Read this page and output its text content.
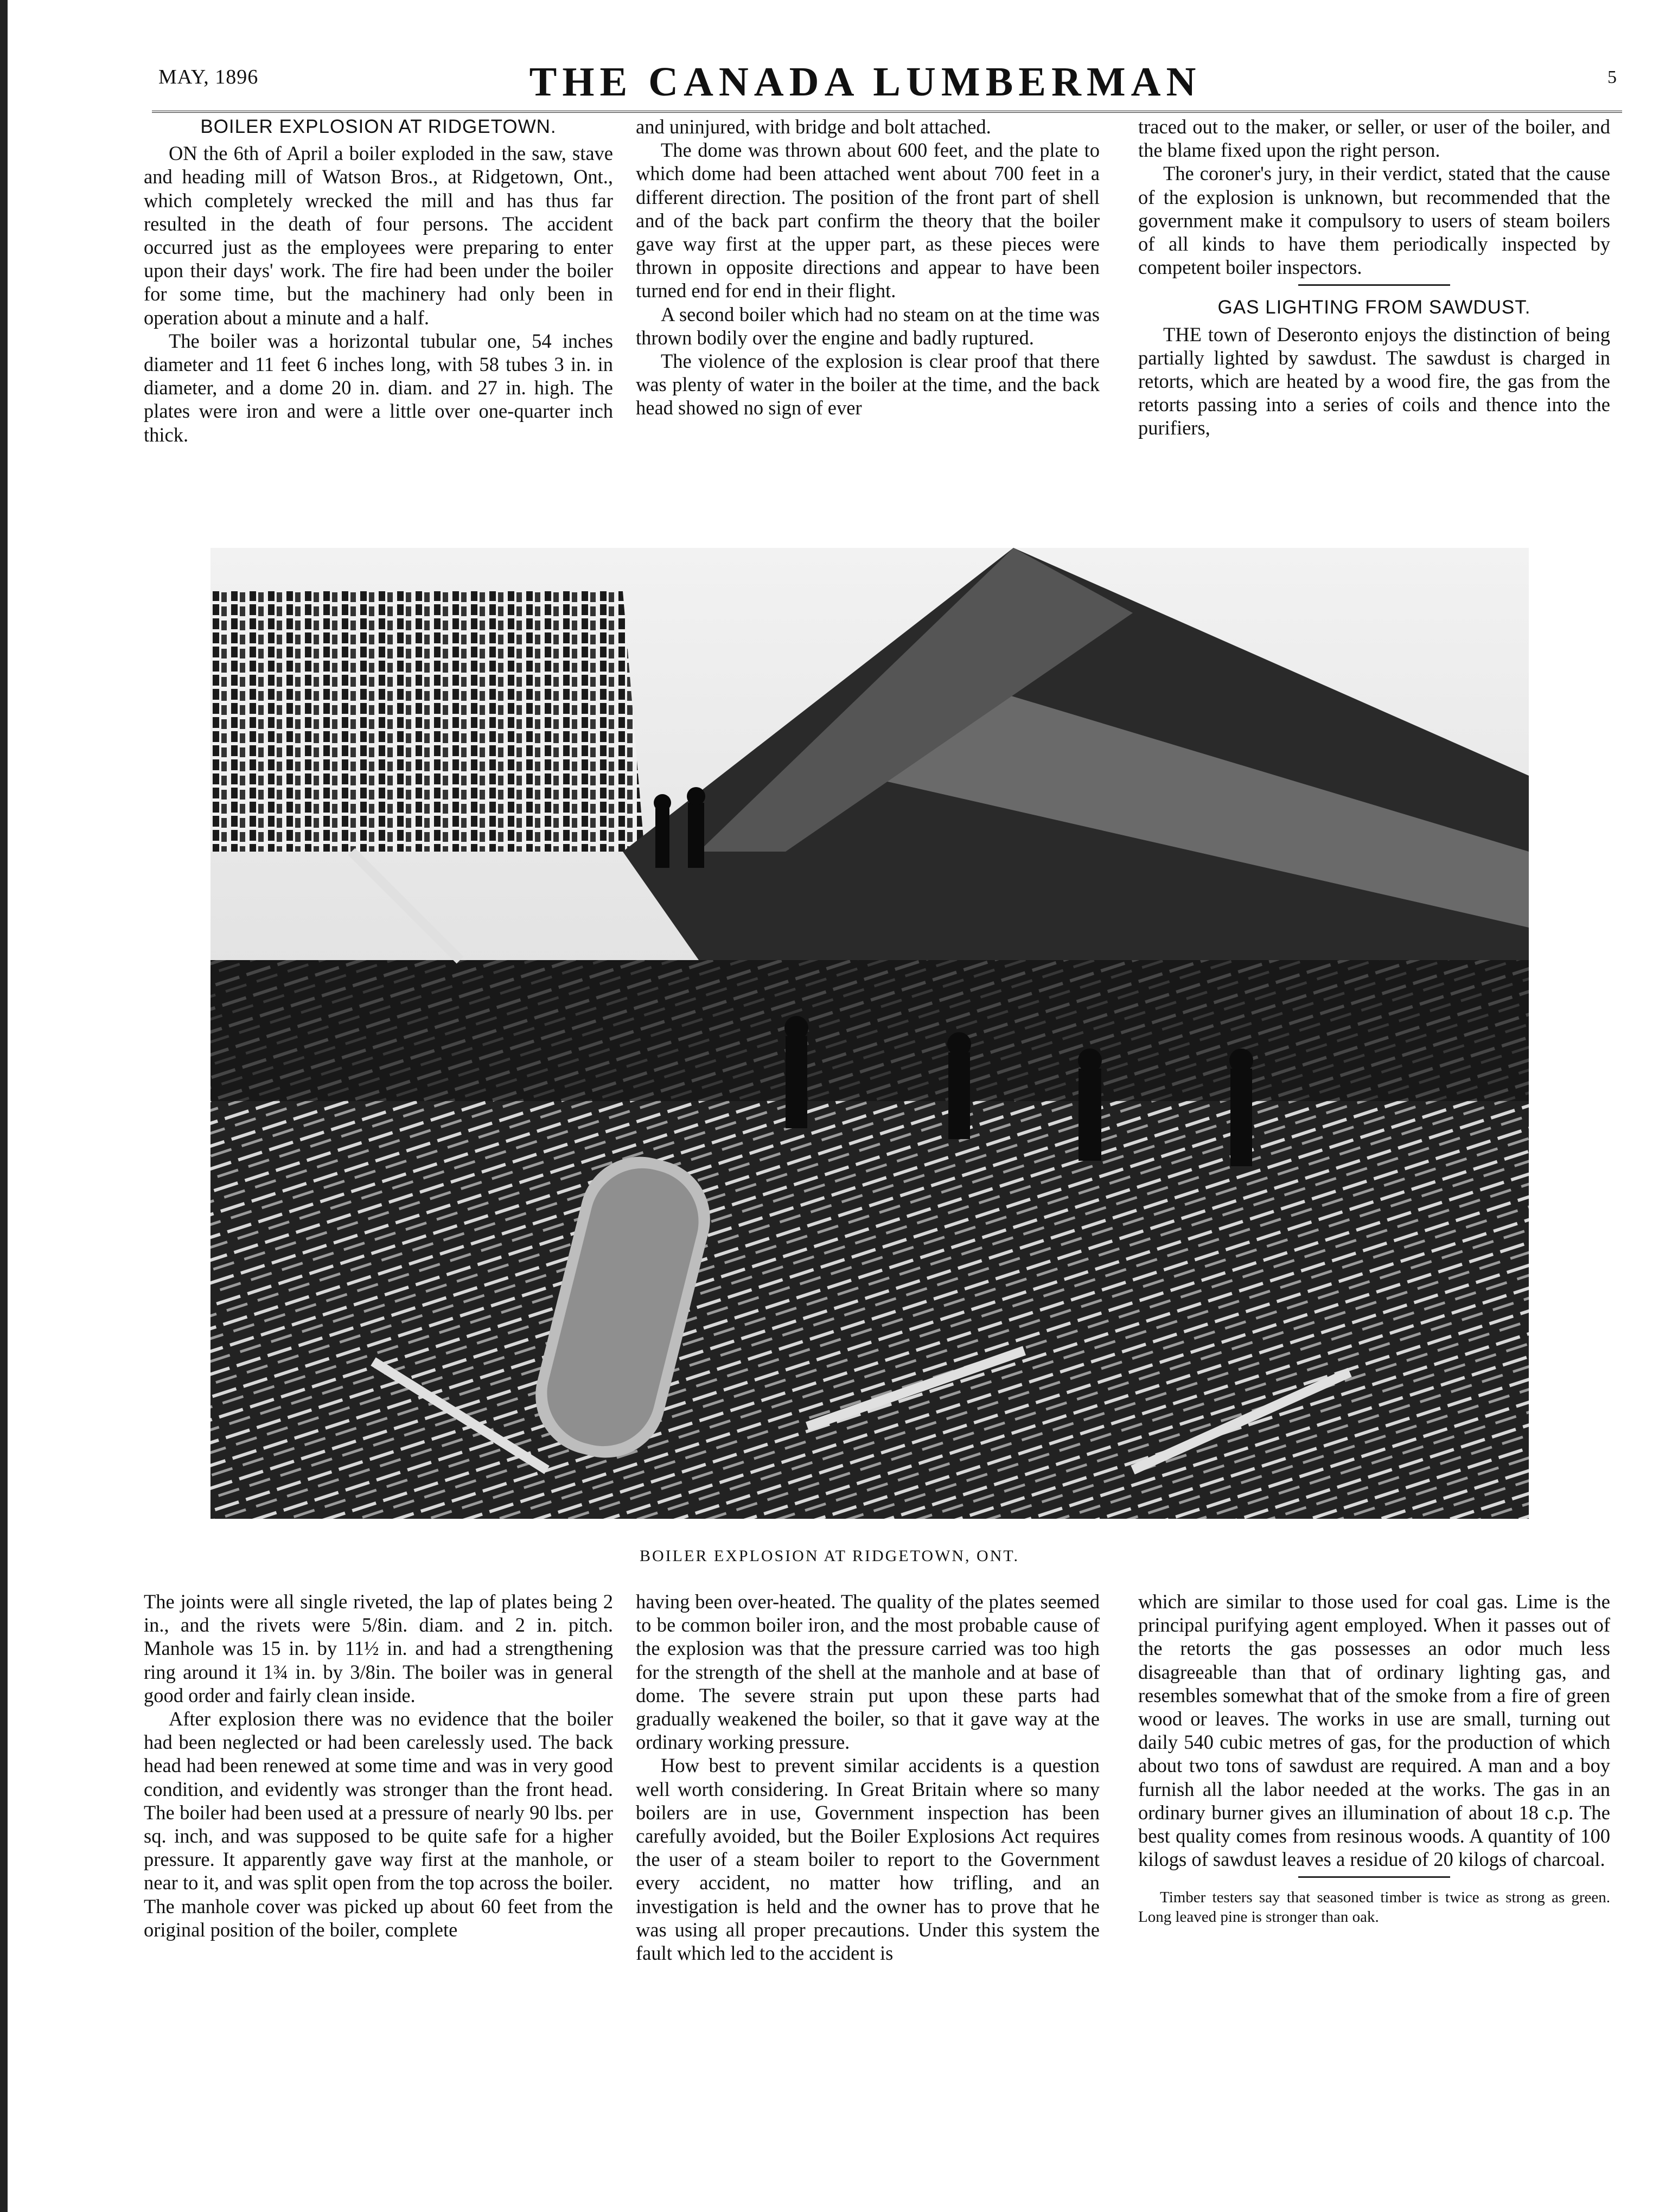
MAY, 1896	THE CANADA LUMBERMAN	5
BOILER EXPLOSION AT RIDGETOWN.

ON the 6th of April a boiler exploded in the saw, stave and heading mill of Watson Bros., at Ridgetown, Ont., which completely wrecked the mill and has thus far resulted in the death of four persons. The accident occurred just as the employees were preparing to enter upon their days' work. The fire had been under the boiler for some time, but the machinery had only been in operation about a minute and a half.

The boiler was a horizontal tubular one, 54 inches diameter and 11 feet 6 inches long, with 58 tubes 3 in. in diameter, and a dome 20 in. diam. and 27 in. high. The plates were iron and were a little over one-quarter inch thick.

and uninjured, with bridge and bolt attached.

The dome was thrown about 600 feet, and the plate to which dome had been attached went about 700 feet in a different direction. The position of the front part of shell and of the back part confirm the theory that the boiler gave way first at the upper part, as these pieces were thrown in opposite directions and appear to have been turned end for end in their flight.

A second boiler which had no steam on at the time was thrown bodily over the engine and badly ruptured.

The violence of the explosion is clear proof that there was plenty of water in the boiler at the time, and the back head showed no sign of ever

traced out to the maker, or seller, or user of the boiler, and the blame fixed upon the right person.

The coroner's jury, in their verdict, stated that the cause of the explosion is unknown, but recommended that the government make it compulsory to users of steam boilers of all kinds to have them periodically inspected by competent boiler inspectors.

GAS LIGHTING FROM SAWDUST.

THE town of Deseronto enjoys the distinction of being partially lighted by sawdust. The sawdust is charged in retorts, which are heated by a wood fire, the gas from the retorts passing into a series of coils and thence into the purifiers,

BOILER EXPLOSION AT RIDGETOWN, ONT.

The joints were all single riveted, the lap of plates being 2 in., and the rivets were 5/8in. diam. and 2 in. pitch. Manhole was 15 in. by 11½ in. and had a strengthening ring around it 1¾ in. by 3/8in. The boiler was in general good order and fairly clean inside.

After explosion there was no evidence that the boiler had been neglected or had been carelessly used. The back head had been renewed at some time and was in very good condition, and evidently was stronger than the front head. The boiler had been used at a pressure of nearly 90 lbs. per sq. inch, and was supposed to be quite safe for a higher pressure. It apparently gave way first at the manhole, or near to it, and was split open from the top across the boiler. The manhole cover was picked up about 60 feet from the original position of the boiler, complete

having been over-heated. The quality of the plates seemed to be common boiler iron, and the most probable cause of the explosion was that the pressure carried was too high for the strength of the shell at the manhole and at base of dome. The severe strain put upon these parts had gradually weakened the boiler, so that it gave way at the ordinary working pressure.

How best to prevent similar accidents is a question well worth considering. In Great Britain where so many boilers are in use, Government inspection has been carefully avoided, but the Boiler Explosions Act requires the user of a steam boiler to report to the Government every accident, no matter how trifling, and an investigation is held and the owner has to prove that he was using all proper precautions. Under this system the fault which led to the accident is

which are similar to those used for coal gas. Lime is the principal purifying agent employed. When it passes out of the retorts the gas possesses an odor much less disagreeable than that of ordinary lighting gas, and resembles somewhat that of the smoke from a fire of green wood or leaves. The works in use are small, turning out daily 540 cubic metres of gas, for the production of which about two tons of sawdust are required. A man and a boy furnish all the labor needed at the works. The gas in an ordinary burner gives an illumination of about 18 c.p. The best quality comes from resinous woods. A quantity of 100 kilogs of sawdust leaves a residue of 20 kilogs of charcoal.

Timber testers say that seasoned timber is twice as strong as green. Long leaved pine is stronger than oak.
